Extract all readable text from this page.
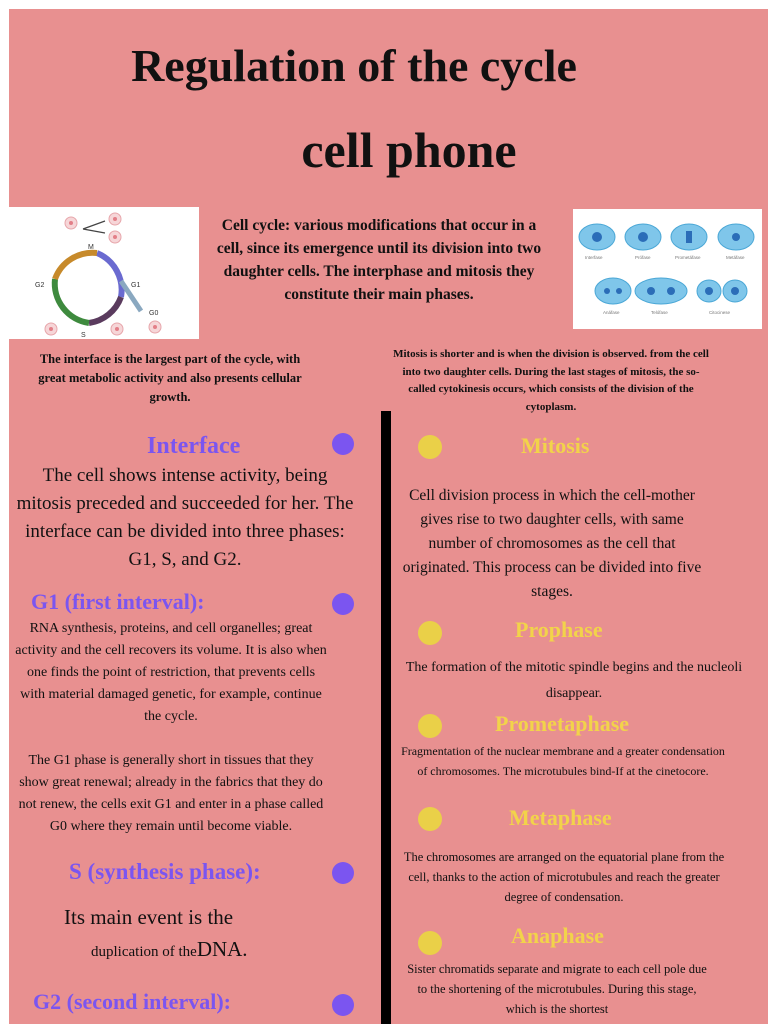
Regulation of the cycle
cell phone
M
G1
G0
S
G2
Cell cycle: various modifications that occur in a cell, since its emergence until its division into two daughter cells. The interphase and mitosis they constitute their main phases.
Interfase	Prófase	Prometáfase	Metáfase
Anáfase	Telófase	Citocinese
The interface is the largest part of the cycle, with great metabolic activity and also presents cellular growth.
Mitosis is shorter and is when the division is observed. from the cell into two daughter cells. During the last stages of mitosis, the so-called cytokinesis occurs, which consists of the division of the cytoplasm.
Interface
The cell shows intense activity, being mitosis preceded and succeeded for her. The interface can be divided into three phases: G1, S, and G2.
G1 (first interval):
RNA synthesis, proteins, and cell organelles; great activity and the cell recovers its volume. It is also when one finds the point of restriction, that prevents cells with material damaged genetic, for example, continue the cycle.
The G1 phase is generally short in tissues that they show great renewal; already in the fabrics that they do not renew, the cells exit G1 and enter in a phase called G0 where they remain until become viable.
S (synthesis phase):
Its main event is the
duplication of theDNA.
G2 (second interval):
Mitosis
Cell division process in which the cell-mother gives rise to two daughter cells, with same number of chromosomes as the cell that originated. This process can be divided into five stages.
Prophase
The formation of the mitotic spindle begins and the nucleoli disappear.
Prometaphase
Fragmentation of the nuclear membrane and a greater condensation of chromosomes. The microtubules bind-If at the cinetocore.
Metaphase
The chromosomes are arranged on the equatorial plane from the cell, thanks to the action of microtubules and reach the greater degree of condensation.
Anaphase
Sister chromatids separate and migrate to each cell pole due to the shortening of the microtubules. During this stage, which is the shortest
